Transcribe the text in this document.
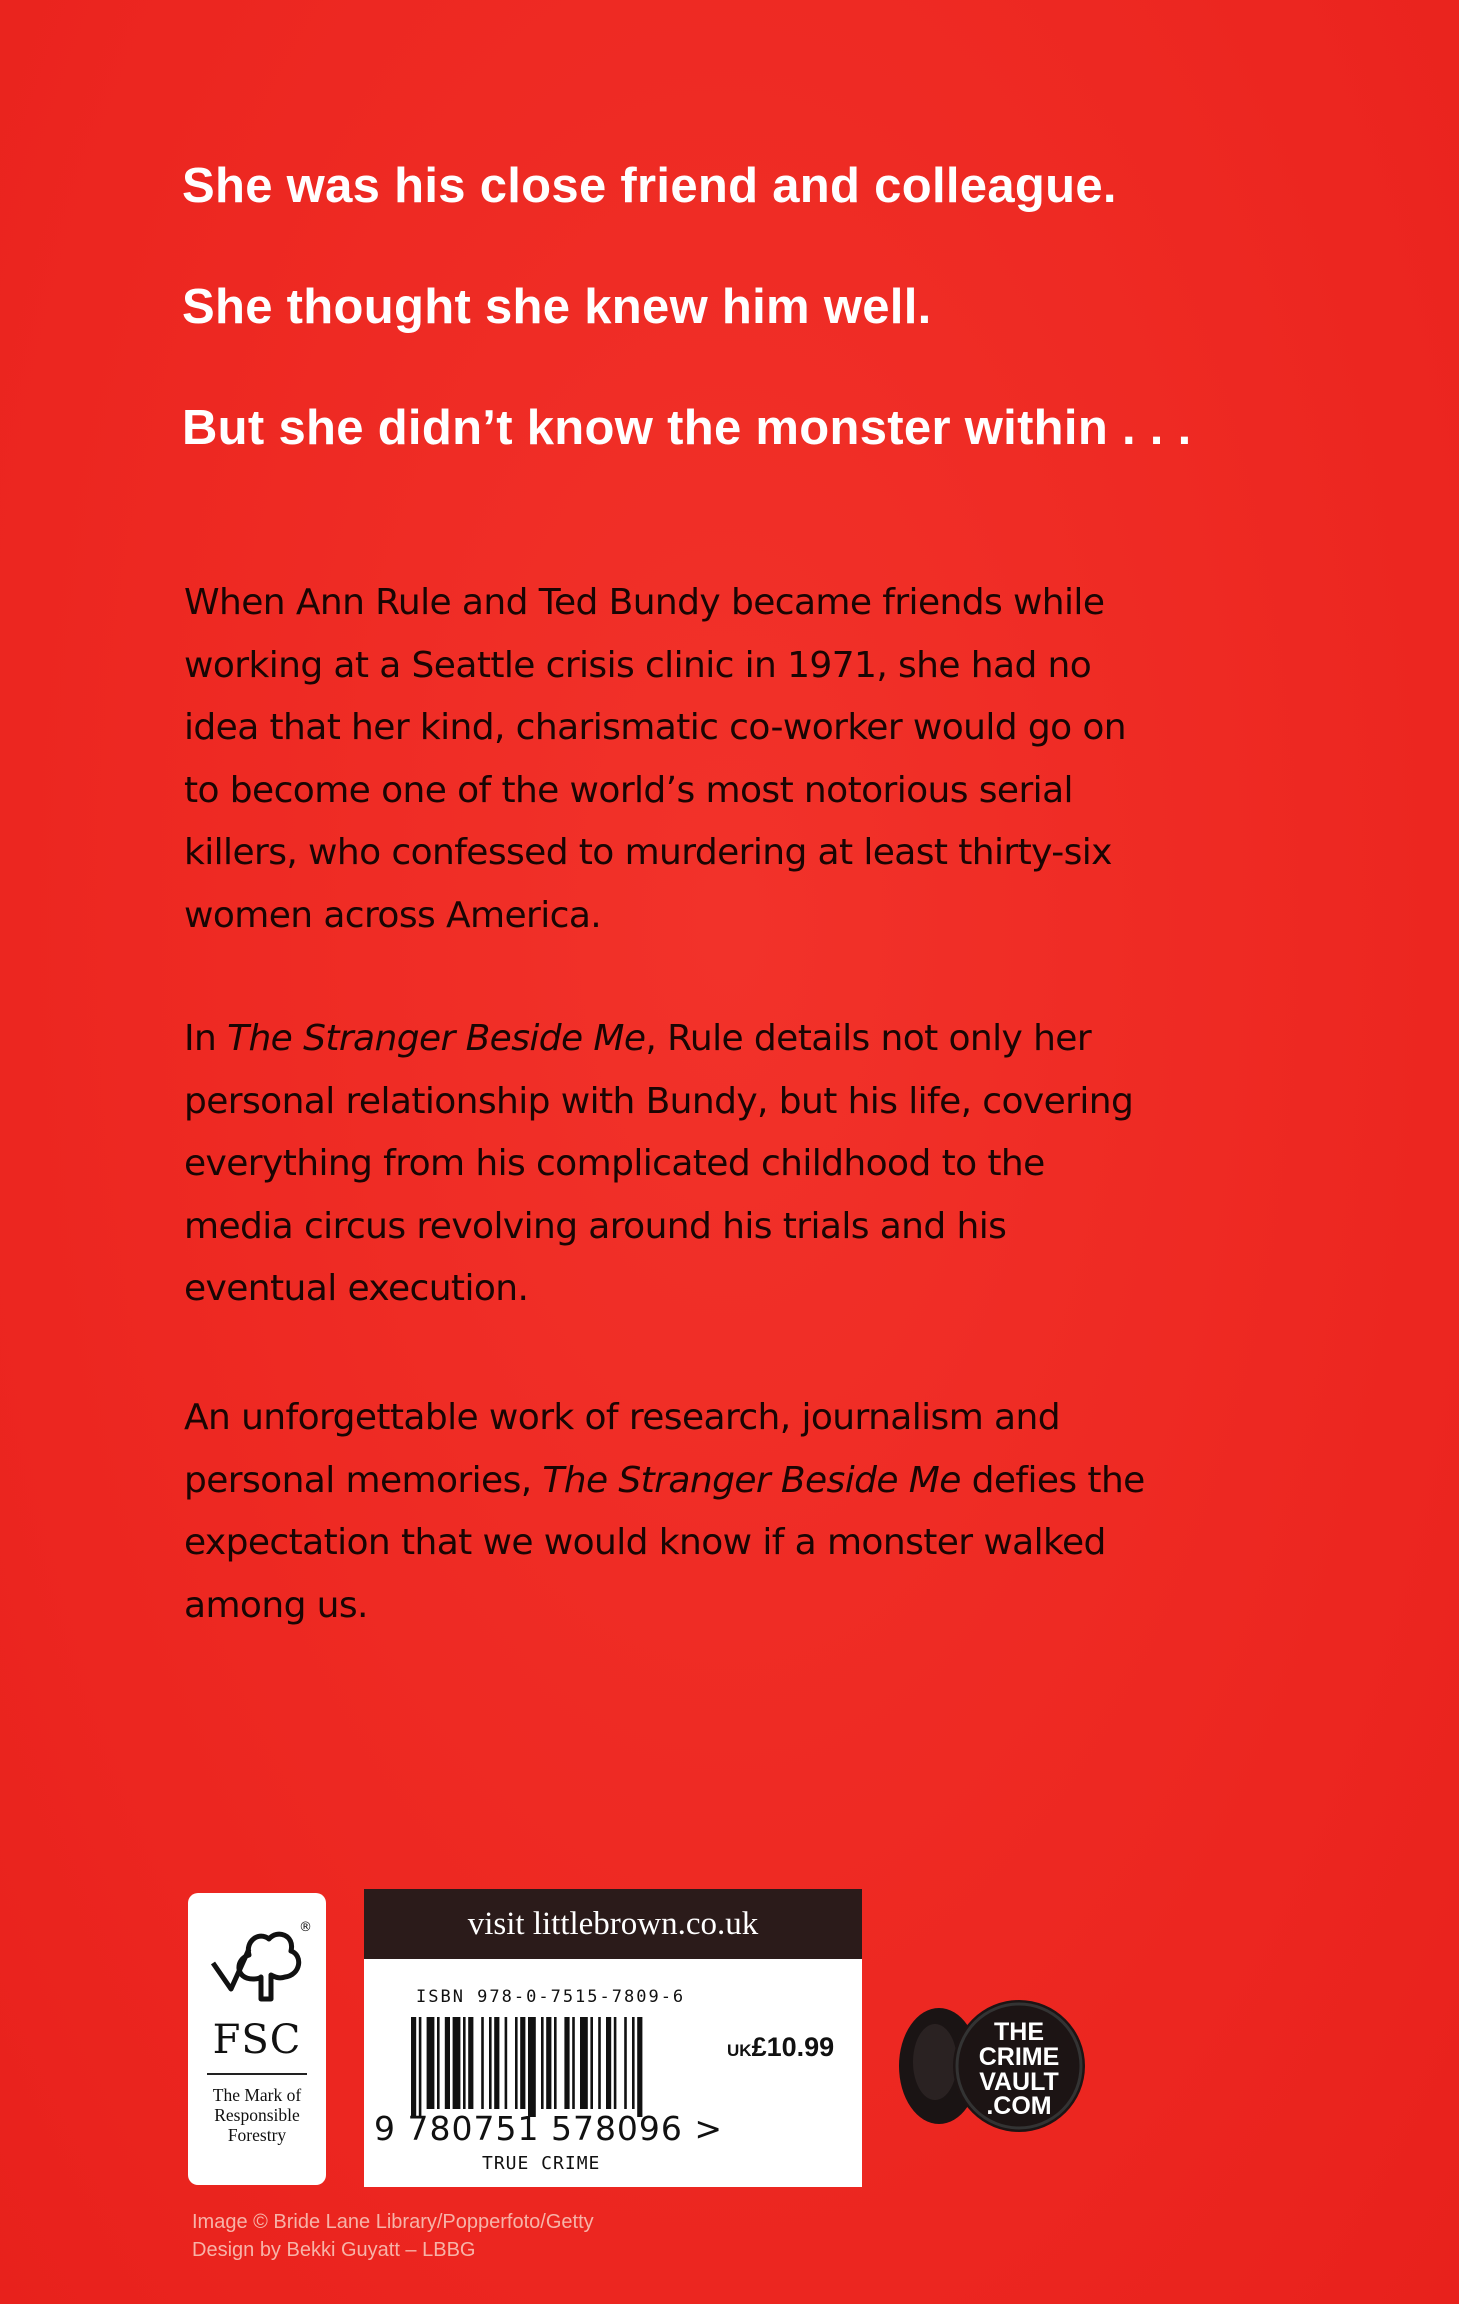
She was his close friend and colleague.
She thought she knew him well.
But she didn’t know the monster within . . .
When Ann Rule and Ted Bundy became friends while
working at a Seattle crisis clinic in 1971, she had no
idea that her kind, charismatic co-worker would go on
to become one of the world’s most notorious serial
killers, who confessed to murdering at least thirty-six
women across America.
In The Stranger Beside Me, Rule details not only her
personal relationship with Bundy, but his life, covering
everything from his complicated childhood to the
media circus revolving around his trials and his
eventual execution.
An unforgettable work of research, journalism and
personal memories, The Stranger Beside Me defies the
expectation that we would know if a monster walked
among us.
®
FSC
The Mark of
Responsible
Forestry
visit littlebrown.co.uk
ISBN 978-0-7515-7809-6
UK£10.99
9 780751 578096 >
TRUE CRIME
THE
CRIME
VAULT
.COM
Image © Bride Lane Library/Popperfoto/Getty
Design by Bekki Guyatt – LBBG
